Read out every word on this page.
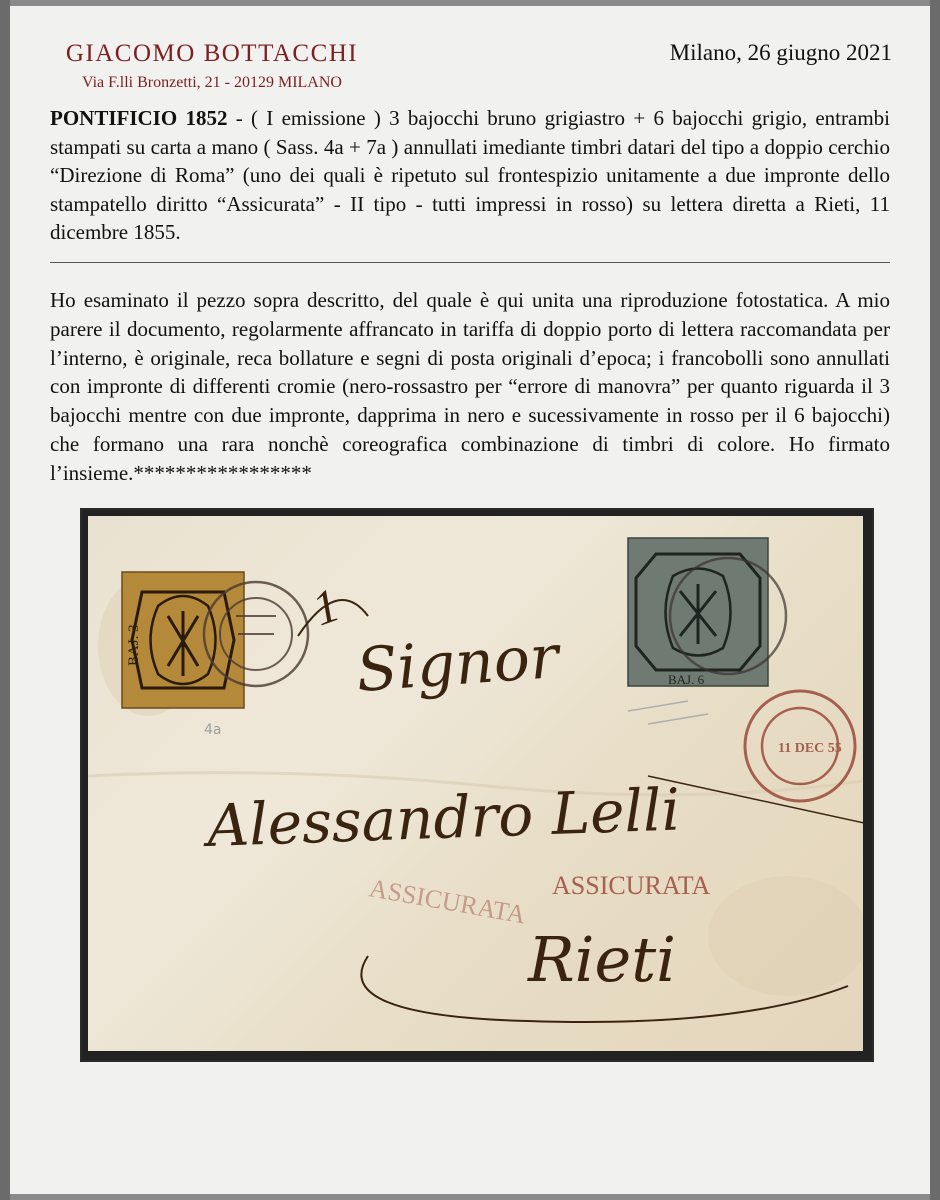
GIACOMO BOTTACCHI
Via F.lli Bronzetti, 21 - 20129 MILANO
Milano, 26 giugno 2021
PONTIFICIO 1852 - ( I emissione ) 3 bajocchi bruno grigiastro + 6 bajocchi grigio, entrambi stampati su carta a mano ( Sass. 4a + 7a ) annullati imediante timbri datari del tipo a doppio cerchio “Direzione di Roma” (uno dei quali è ripetuto sul frontespizio unitamente a due impronte dello stampatello diritto “Assicurata” - II tipo - tutti impressi in rosso) su lettera diretta a Rieti, 11 dicembre 1855.
Ho esaminato il pezzo sopra descritto, del quale è qui unita una riproduzione fotostatica. A mio parere il documento, regolarmente affrancato in tariffa di doppio porto di lettera raccomandata per l’interno, è originale, reca bollature e segni di posta originali d’epoca; i francobolli sono annullati con impronte di differenti cromie (nero-rossastro per “errore di manovra” per quanto riguarda il 3 bajocchi mentre con due impronte, dapprima in nero e sucessivamente in rosso per il 6 bajocchi) che formano una rara nonchè coreografica combinazione di timbri di colore. Ho firmato l’insieme.*****************
BAJ. 3
BAJ. 6
11 DEC 55
1
4a
Signor
Alessandro Lelli
ASSICURATA
ASSICURATA
Rieti
